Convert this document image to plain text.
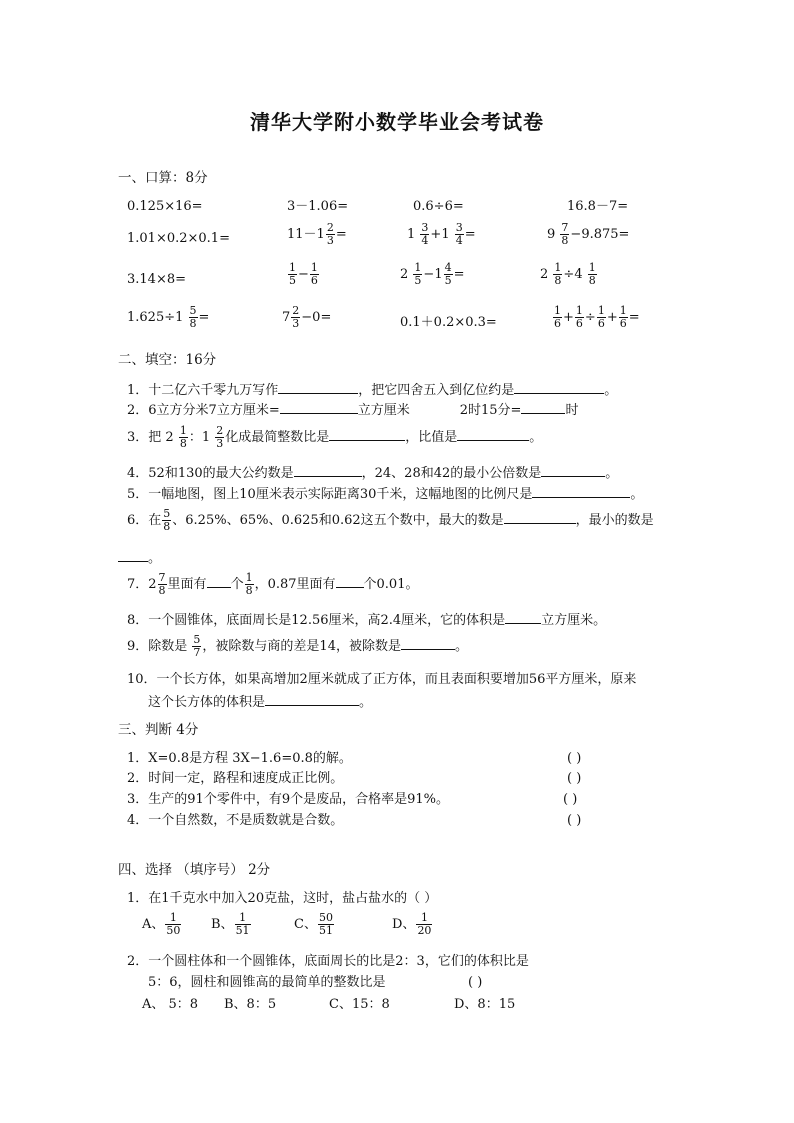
清华大学附小数学毕业会考试卷
一、口算：8分
0.125×16=	3－1.06=	0.6÷6=	16.8－7=
1.01×0.2×0.1=	$11-1 \frac{2}{3}$ =	$1 \frac{3}{4} +1 \frac{3}{4}$ =	$9 \frac{7}{8} -9.875=$
3.14×8=	$\frac{1}{5} - \frac{1}{6}$	$2 \frac{1}{5} -1 \frac{4}{5}$ =	$2 \frac{1}{8} \div 4 \frac{1}{8}$
$1.625\div 1 \frac{5}{8}$ =	$7 \frac{2}{3} -0=$	0.1＋0.2×0.3=	$\frac{1}{6} + \frac{1}{6} \div \frac{1}{6} + \frac{1}{6}$ =
二、填空：16分
1．十二亿六千零九万写作	，把它四舍五入到亿位约是	。
2．6立方分米7立方厘米=	立方厘米	2时15分=	时
3．把 $2 \frac{1}{8}$ ：$1 \frac{2}{3}$ 化成最简整数比是	，比值是	。
4．52和130的最大公约数是	，24、28和42的最小公倍数是	。
5．一幅地图，图上10厘米表示实际距离30千米，这幅地图的比例尺是	。
6．在 $\frac{5}{8}$ 、6.25%、65%、0.625和0.62这五个数中，最大的数是	，最小的数是
。
7．$2 \frac{7}{8}$ 里面有 个 $\frac{1}{8}$ ，0.87里面有 个0.01。
8．一个圆锥体，底面周长是12.56厘米，高2.4厘米，它的体积是	立方厘米。
9．除数是 $\frac{5}{7}$ ，被除数与商的差是14，被除数是	。
10．一个长方体，如果高增加2厘米就成了正方体，而且表面积要增加56平方厘米，原来
这个长方体的体积是	。
三、判断 4分
1．X=0.8是方程 3X−1.6=0.8的解。	( )
2．时间一定，路程和速度成正比例。	( )
3．生产的91个零件中，有9个是废品，合格率是91%。	( )
4．一个自然数，不是质数就是合数。	( )
四、选择 （填序号） 2分
1．在1千克水中加入20克盐，这时，盐占盐水的（ ）
A、 $\frac{1}{50}$ B、 $\frac{1}{51}$	C、 $\frac{50}{51}$	D、 $\frac{1}{20}$
2．一个圆柱体和一个圆锥体，底面周长的比是2：3，它们的体积比是
5：6，圆柱和圆锥高的最简单的整数比是	( )
A、 5：8 B、8：5	C、15：8	D、8：15
